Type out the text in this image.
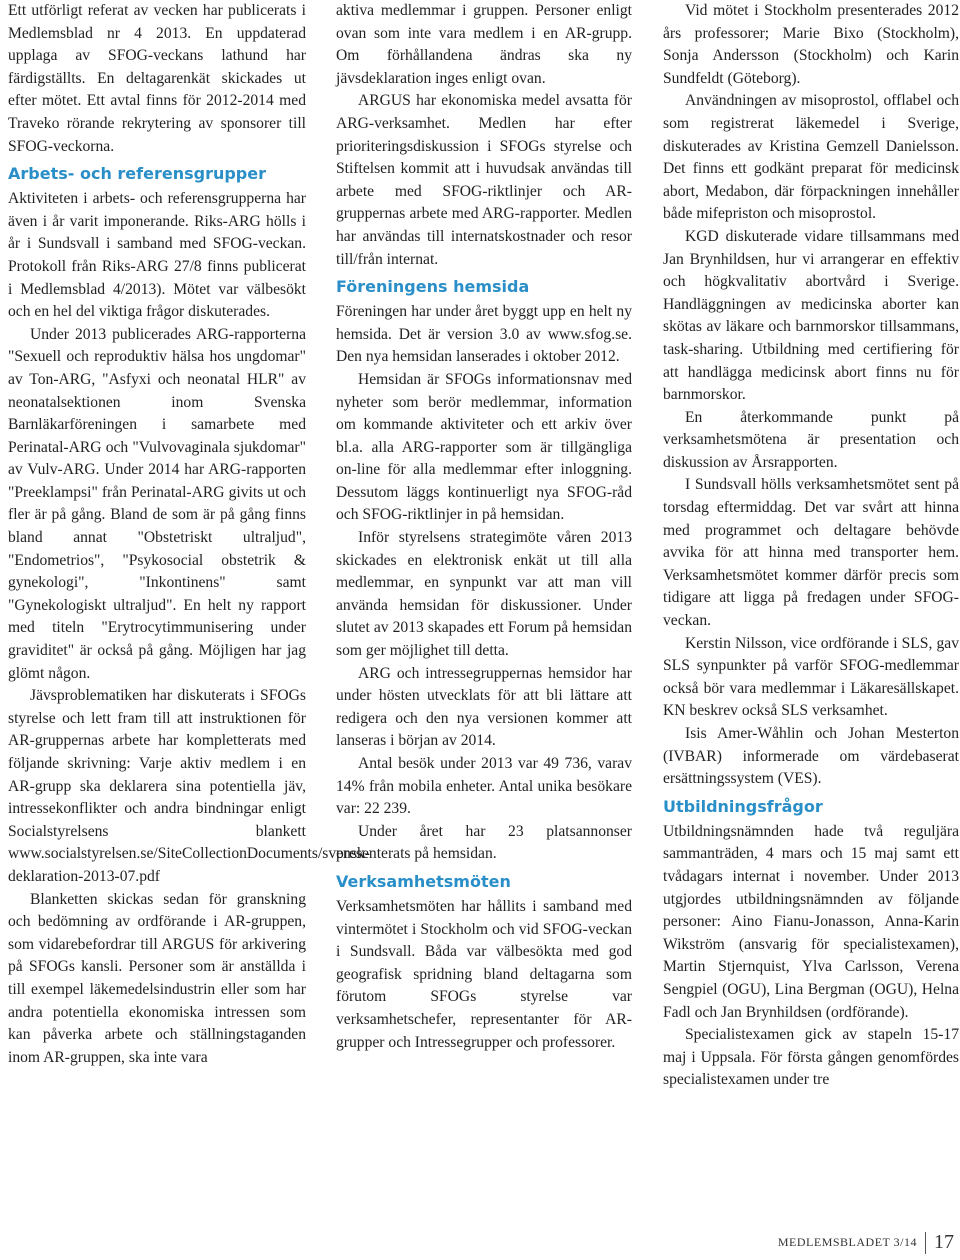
Ett utförligt referat av vecken har publicerats i Medlemsblad nr 4 2013. En uppdaterad upplaga av SFOG-veckans lathund har färdigställts. En deltagarenkät skickades ut efter mötet. Ett avtal finns för 2012-2014 med Traveko rörande rekrytering av sponsorer till SFOG-veckorna.

Arbets- och referensgrupper

Aktiviteten i arbets- och referensgrupperna har även i år varit imponerande. Riks-ARG hölls i år i Sundsvall i samband med SFOG-veckan. Protokoll från Riks-ARG 27/8 finns publicerat i Medlemsblad 4/2013). Mötet var välbesökt och en hel del viktiga frågor diskuterades.

Under 2013 publicerades ARG-rapporterna "Sexuell och reproduktiv hälsa hos ungdomar" av Ton-ARG, "Asfyxi och neonatal HLR" av neonatalsektionen inom Svenska Barnläkarföreningen i samarbete med Perinatal-ARG och "Vulvovaginala sjukdomar" av Vulv-ARG. Under 2014 har ARG-rapporten "Preeklampsi" från Perinatal-ARG givits ut och fler är på gång. Bland de som är på gång finns bland annat "Obstetriskt ultraljud", "Endometrios", "Psykosocial obstetrik & gynekologi", "Inkontinens" samt "Gynekologiskt ultraljud". En helt ny rapport med titeln "Erytrocytimmunisering under graviditet" är också på gång. Möjligen har jag glömt någon.

Jävsproblematiken har diskuterats i SFOGs styrelse och lett fram till att instruktionen för AR-gruppernas arbete har kompletterats med följande skrivning: Varje aktiv medlem i en AR-grupp ska deklarera sina potentiella jäv, intressekonflikter och andra bindningar enligt Socialstyrelsens blankett www.socialstyrelsen.se/SiteCollectionDocuments/svensk-deklaration-2013-07.pdf

Blanketten skickas sedan för granskning och bedömning av ordförande i AR-gruppen, som vidarebefordrar till ARGUS för arkivering på SFOGs kansli. Personer som är anställda i till exempel läkemedelsindustrin eller som har andra potentiella ekonomiska intressen som kan påverka arbete och ställningstaganden inom AR-gruppen, ska inte vara

aktiva medlemmar i gruppen. Personer enligt ovan som inte vara medlem i en AR-grupp. Om förhållandena ändras ska ny jävsdeklaration inges enligt ovan.

ARGUS har ekonomiska medel avsatta för ARG-verksamhet. Medlen har efter prioriteringsdiskussion i SFOGs styrelse och Stiftelsen kommit att i huvudsak användas till arbete med SFOG-riktlinjer och AR-gruppernas arbete med ARG-rapporter. Medlen har användas till internatskostnader och resor till/från internat.

Föreningens hemsida

Föreningen har under året byggt upp en helt ny hemsida. Det är version 3.0 av www.sfog.se. Den nya hemsidan lanserades i oktober 2012.

Hemsidan är SFOGs informationsnav med nyheter som berör medlemmar, information om kommande aktiviteter och ett arkiv över bl.a. alla ARG-rapporter som är tillgängliga on-line för alla medlemmar efter inloggning. Dessutom läggs kontinuerligt nya SFOG-råd och SFOG-riktlinjer in på hemsidan.

Inför styrelsens strategimöte våren 2013 skickades en elektronisk enkät ut till alla medlemmar, en synpunkt var att man vill använda hemsidan för diskussioner. Under slutet av 2013 skapades ett Forum på hemsidan som ger möjlighet till detta.

ARG och intressegruppernas hemsidor har under hösten utvecklats för att bli lättare att redigera och den nya versionen kommer att lanseras i början av 2014.

Antal besök under 2013 var 49 736, varav 14% från mobila enheter. Antal unika besökare var: 22 239.

Under året har 23 platsannonser presenterats på hemsidan.

Verksamhetsmöten

Verksamhetsmöten har hållits i samband med vintermötet i Stockholm och vid SFOG-veckan i Sundsvall. Båda var välbesökta med god geografisk spridning bland deltagarna som förutom SFOGs styrelse var verksamhetschefer, representanter för AR-grupper och Intressegrupper och professorer.

Vid mötet i Stockholm presenterades 2012 års professorer; Marie Bixo (Stockholm), Sonja Andersson (Stockholm) och Karin Sundfeldt (Göteborg).

Användningen av misoprostol, offlabel och som registrerat läkemedel i Sverige, diskuterades av Kristina Gemzell Danielsson. Det finns ett godkänt preparat för medicinsk abort, Medabon, där förpackningen innehåller både mifepriston och misoprostol.

KGD diskuterade vidare tillsammans med Jan Brynhildsen, hur vi arrangerar en effektiv och högkvalitativ abortvård i Sverige. Handläggningen av medicinska aborter kan skötas av läkare och barnmorskor tillsammans, task-sharing. Utbildning med certifiering för att handlägga medicinsk abort finns nu för barnmorskor.

En återkommande punkt på verksamhetsmötena är presentation och diskussion av Årsrapporten.

I Sundsvall hölls verksamhetsmötet sent på torsdag eftermiddag. Det var svårt att hinna med programmet och deltagare behövde avvika för att hinna med transporter hem. Verksamhetsmötet kommer därför precis som tidigare att ligga på fredagen under SFOG-veckan.

Kerstin Nilsson, vice ordförande i SLS, gav SLS synpunkter på varför SFOG-medlemmar också bör vara medlemmar i Läkaresällskapet. KN beskrev också SLS verksamhet.

Isis Amer-Wåhlin och Johan Mesterton (IVBAR) informerade om värdebaserat ersättningssystem (VES).

Utbildningsfrågor

Utbildningsnämnden hade två reguljära sammanträden, 4 mars och 15 maj samt ett tvådagars internat i november. Under 2013 utgjordes utbildningsnämnden av följande personer: Aino Fianu-Jonasson, Anna-Karin Wikström (ansvarig för specialistexamen), Martin Stjernquist, Ylva Carlsson, Verena Sengpiel (OGU), Lina Bergman (OGU), Helna Fadl och Jan Brynhildsen (ordförande).

Specialistexamen gick av stapeln 15-17 maj i Uppsala. För första gången genomfördes specialistexamen under tre

MEDLEMSBLADET 3/14 17
